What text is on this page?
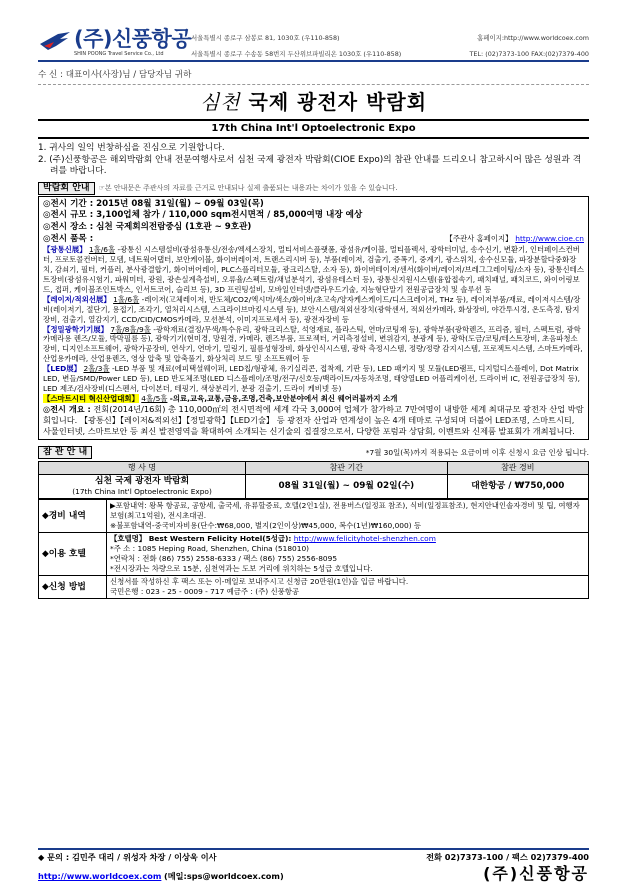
(주)신풍항공
SHIN POONG Travel Service Co., Ltd
서울특별시 종로구 삼봉로 81, 1030호 (우110-858)
서울특별시 종로구 수송동 58번지 두산위브파빌리온 1030호 (우110-858)
홈페이지:http://www.worldcoex.com
TEL: (02)7373-100 FAX:(02)7379-400
수 신 : 대표이사(사장)님 / 담당자님 귀하
심천 국제 광전자 박람회
17th China Int'l Optoelectronic Expo
1. 귀사의 일익 번창하심을 진심으로 기원합니다.
2. (주)신풍항공은 해외박람회 안내 전문여행사로서 심천 국제 광전자 박람회(CIOE Expo)의 참관 안내를 드리오니 참고하시어 많은 성원과 격려를 바랍니다.
박람회 안내	☞본 안내문은 주관사의 자료를 근거로 안내되나 실제 출품되는 내용과는 차이가 있을 수 있습니다.
◎전시 기간 : 2015년 08월 31일(월) ~ 09월 03일(목)
◎전시 규모 : 3,100업체 참가 / 110,000 sqm전시면적 / 85,000여명 내장 예상
◎전시 장소 : 심천 국제회의전람중심 (1호관 ~ 9호관)
◎전시 품목 :	【주관사 홈페이지】 http://www.cioe.cn
【광통신展】 1홀/6홀 -광통신 시스템설비(광섬유통신/전송/엑세스장치, 멀티서비스플랫폼, 광섬유/케이블, 멀티플렉서, 광학터미널, 송수신기, 변환기, 인터페이스컨버터, 프로토콜컨버터, 모뎀, 네트웍어댑터, 보안케이블, 화이버레이저, 트랜스리시버 등), 부품(레이저, 검출기, 증폭기, 중계기, 광스위치, 송수신모듈, 파장분할다중화장치, 감쇠기, 필터, 커플러, 분사광결합기, 화이버어레이, PLC스플리터모듈, 광크리스탈, 소자 등), 화이버테이저/센서(화이버/레이저/브레그그레이팅/소자 등), 광통신테스트장비(광섬유시험기, 파워미터, 광원, 광손실계측설비, 오류율/스펙트럼/채널분석기, 광섬유테스터 등), 광통신지원시스템(융합접속기, 패치패널, 패치코드, 와이어링보드, 접퍼, 케이블조인트박스, 인서트코어, 슬리브 등), 3D 프린팅설비, 모바일인터넷/클라우드기술, 지능형단말기 전원공급장치 및 솔루션 등
【레이저/적외선展】 1홀/6홀 -레이저(고체레이저, 반도체/CO2/엑시머/색소/화이버/초고속/양자케스케이드/디스크레이저, THz 등), 레이저부품/재료, 레이저시스템/장비(레이저기, 절단기, 용접기, 조각기, 열처리시스템, 스크라이브마킹시스템 등), 보안시스템/적외선장치(광학센서, 적외선카메라, 화상장비, 야간투시경, 온도측정, 탐지장비, 검출기, 열감지기, CCD/CID/CMOS카메라, 모션분석, 이미지프로세서 등), 광전자장비 등
【정밀광학기기展】 7홀/8홀/9홀 -광학재료(결정/무색/특수유리, 광학크리스탈, 석영재료, 플라스틱, 연마/코팅재 등), 광학부품(광학렌즈, 프리즘, 필터, 스펙트럼, 광학 카메라용 렌즈/모듈, 박막필름 등), 광학기기(현미경, 망원경, 카메라, 렌즈부품, 프로젝터, 거리측정설비, 변위감지, 분광계 등), 광학(도금/코팅/테스트장비, 초음파청소장비, 디지인소프트웨어, 광학가공장비, 연삭기, 연마기, 밀링기, 필름성형장비, 화상인식시스템, 광학 측정시스템, 정량/정량 감지시스템, 프로젝트시스템, 스마트카메라, 산업용카메라, 산업용렌즈, 영상 압축 및 압축풀기, 화상처리 보드 및 소프트웨어 등
【LED展】 2홀/3홀 -LED 부품 및 재료(에피택셜웨이퍼, LED칩/형광체, 유기실리콘, 접착제, 기판 등), LED 패키지 및 모듈(LED램프, 디지털디스플레이, Dot Matrix LED, 변들/SMD/Power LED 등), LED 반도체조명(LED 디스플레이/조명/전구/신호등/백라이트/자동차조명, 태양열LED 어플리케이션, 드라이버 IC, 전원공급장치 등), LED 제조/검사장비(디스펜서, 다이본더, 테핑기, 색상분리기, 분광 검출기, 드라이 케비넷 등)
【스마트시티 혁신산업대회】 4홀/5홀 -의료,교육,교통,금융,조명,건축,보안분야에서 최신 웨어러블까지 소개
◎전시 개요 : 전회(2014년/16회) 총 110,000㎡의 전시면적에 세계 각국 3,000여 업체가 참가하고 7만여명이 내방한 세계 최대규모 광전자 산업 박람회입니다. 【광통신】【레이저&적외선】【정밀광학】【LED기술】 등 광전자 산업과 연계성이 높은 4개 테마로 구성되며 더불어 LED조명, 스마트시티, 사물인터넷, 스마트보안 등 최신 발전영역을 확대하여 소개되는 신기술의 집결장으로서, 다양한 포럼과 상담회, 이벤트와 신제품 발표회가 개최됩니다.
참 관 안 내	*7월 30일(목)까지 적용되는 요금이며 이후 신청시 요금 인상 됩니다.
행 사 명	참관 기간	참관 경비

심천 국제 광전자 박람회
(17th China Int'l Optoelectronic Expo)	08월 31일(월) ~ 09월 02일(수)	대한항공 / ₩750,000
◆경비 내역	▶포함내역: 왕복 항공료, 공항세, 출국세, 유류할증료, 호텔(2인1실), 전용버스(일정표 참조), 식비(일정표참조), 현지안내인솔자경비 및 팁, 여행자보험(최고1억원), 전시초대권.
※불포함내역-중국비자비용(단수:₩68,000, 별지(2인이상)₩45,000, 복수(1년)₩160,000) 등

◆이용 호텔	【호텔명】 Best Western Felicity Hotel(5성급): http://www.felicityhotel-shenzhen.com
*주 소 : 1085 Heping Road, Shenzhen, China (518010)
*연락처 : 전화 (86) 755) 2558-6333 / 팩스 (86) 755) 2556-8095
*전시장과는 차량으로 15분, 심천역과는 도보 거리에 위치하는 5성급 호텔입니다.

◆신청 방법	신청서를 작성하신 후 팩스 또는 이-메일로 보내주시고 신청금 20만원(1인)을 입금 바랍니다.
국민은행 : 023 - 25 - 0009 - 717 예금주 : (주) 신풍항공
◆ 문의 : 김민주 대리 / 위성자 차장 / 이상욱 이사	전화 02)7373-100 / 팩스 02)7379-400
http://www.worldcoex.com (메일:sps@worldcoex.com)	(주)신풍항공
